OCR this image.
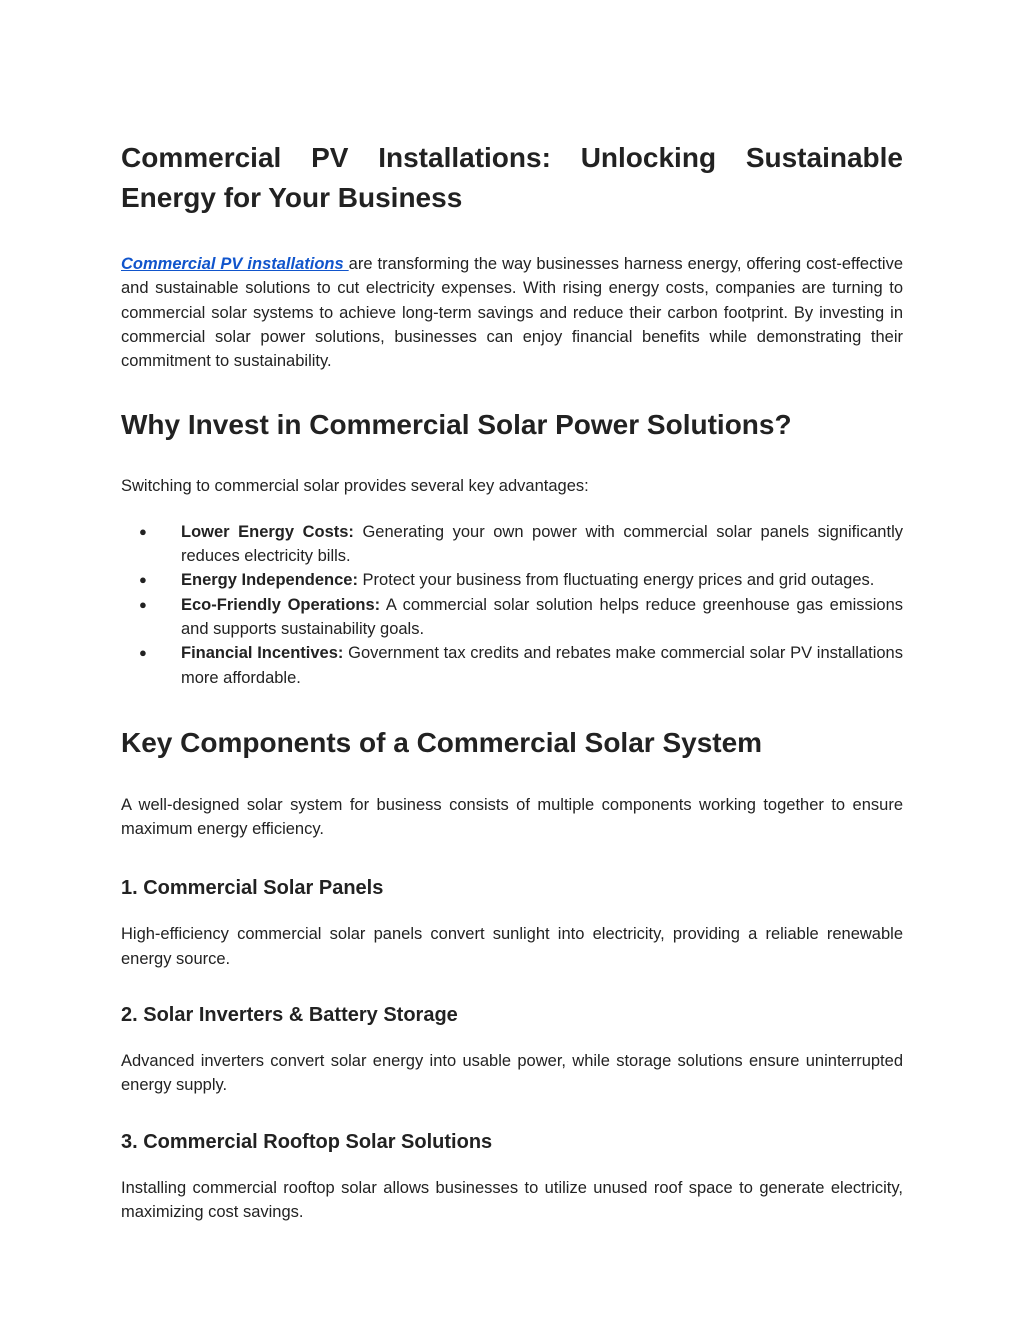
Commercial PV Installations: Unlocking Sustainable
Energy for Your Business

Commercial PV installations are transforming the way businesses harness energy, offering cost-effective and sustainable solutions to cut electricity expenses. With rising energy costs, companies are turning to commercial solar systems to achieve long-term savings and reduce their carbon footprint. By investing in commercial solar power solutions, businesses can enjoy financial benefits while demonstrating their commitment to sustainability.

Why Invest in Commercial Solar Power Solutions?

Switching to commercial solar provides several key advantages:

● Lower Energy Costs: Generating your own power with commercial solar panels significantly reduces electricity bills.
● Energy Independence: Protect your business from fluctuating energy prices and grid outages.
● Eco-Friendly Operations: A commercial solar solution helps reduce greenhouse gas emissions and supports sustainability goals.
● Financial Incentives: Government tax credits and rebates make commercial solar PV installations more affordable.
Key Components of a Commercial Solar System

A well-designed solar system for business consists of multiple components working together to ensure maximum energy efficiency.

1. Commercial Solar Panels

High-efficiency commercial solar panels convert sunlight into electricity, providing a reliable renewable energy source.

2. Solar Inverters & Battery Storage

Advanced inverters convert solar energy into usable power, while storage solutions ensure uninterrupted energy supply.

3. Commercial Rooftop Solar Solutions

Installing commercial rooftop solar allows businesses to utilize unused roof space to generate electricity, maximizing cost savings.
